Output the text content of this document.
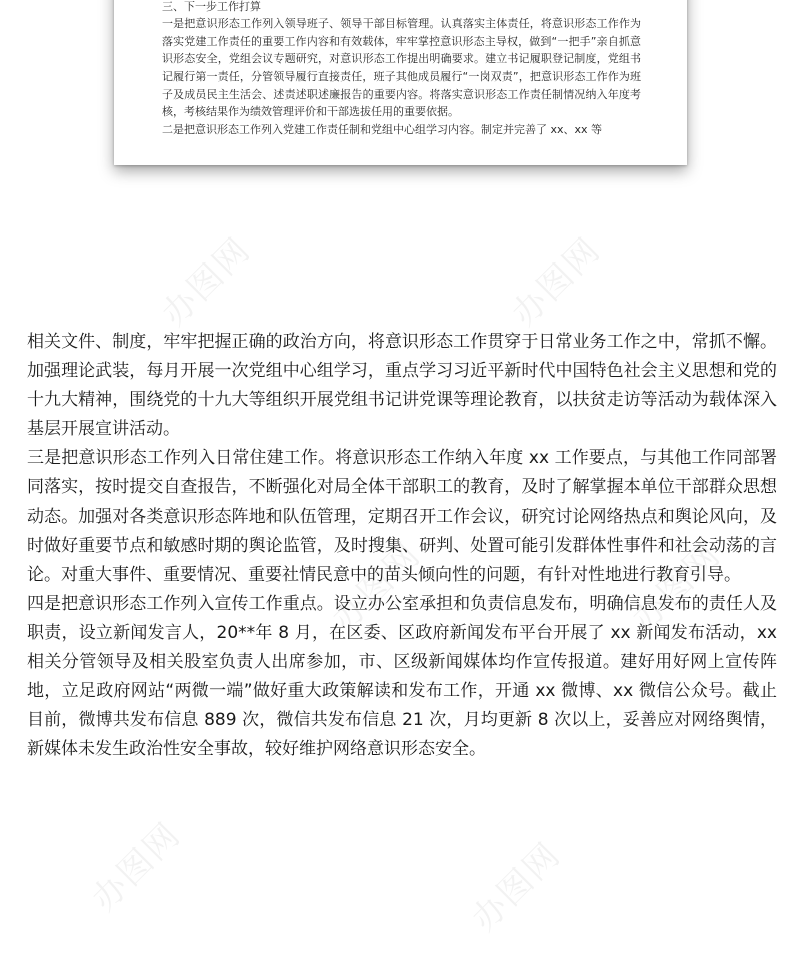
三、下一步工作打算

一是把意识形态工作列入领导班子、领导干部目标管理。认真落实主体责任，将意识形态工作作为落实党建工作责任的重要工作内容和有效载体，牢牢掌控意识形态主导权，做到“一把手”亲自抓意识形态安全，党组会议专题研究，对意识形态工作提出明确要求。建立书记履职登记制度，党组书记履行第一责任，分管领导履行直接责任，班子其他成员履行“一岗双责”，把意识形态工作作为班子及成员民主生活会、述责述职述廉报告的重要内容。将落实意识形态工作责任制情况纳入年度考核，考核结果作为绩效管理评价和干部选拔任用的重要依据。

二是把意识形态工作列入党建工作责任制和党组中心组学习内容。制定并完善了 xx、xx 等

办图网	办图网
办图网	办图网
办图网	办图网

相关文件、制度，牢牢把握正确的政治方向，将意识形态工作贯穿于日常业务工作之中，常抓不懈。加强理论武装，每月开展一次党组中心组学习，重点学习习近平新时代中国特色社会主义思想和党的十九大精神，围绕党的十九大等组织开展党组书记讲党课等理论教育，以扶贫走访等活动为载体深入基层开展宣讲活动。

三是把意识形态工作列入日常住建工作。将意识形态工作纳入年度 xx 工作要点，与其他工作同部署同落实，按时提交自查报告，不断强化对局全体干部职工的教育，及时了解掌握本单位干部群众思想动态。加强对各类意识形态阵地和队伍管理，定期召开工作会议，研究讨论网络热点和舆论风向，及时做好重要节点和敏感时期的舆论监管，及时搜集、研判、处置可能引发群体性事件和社会动荡的言论。对重大事件、重要情况、重要社情民意中的苗头倾向性的问题，有针对性地进行教育引导。

四是把意识形态工作列入宣传工作重点。设立办公室承担和负责信息发布，明确信息发布的责任人及职责，设立新闻发言人，20**年 8 月，在区委、区政府新闻发布平台开展了 xx 新闻发布活动，xx 相关分管领导及相关股室负责人出席参加，市、区级新闻媒体均作宣传报道。建好用好网上宣传阵地，立足政府网站“两微一端”做好重大政策解读和发布工作，开通 xx 微博、xx 微信公众号。截止目前，微博共发布信息 889 次，微信共发布信息 21 次，月均更新 8 次以上，妥善应对网络舆情，新媒体未发生政治性安全事故，较好维护网络意识形态安全。
